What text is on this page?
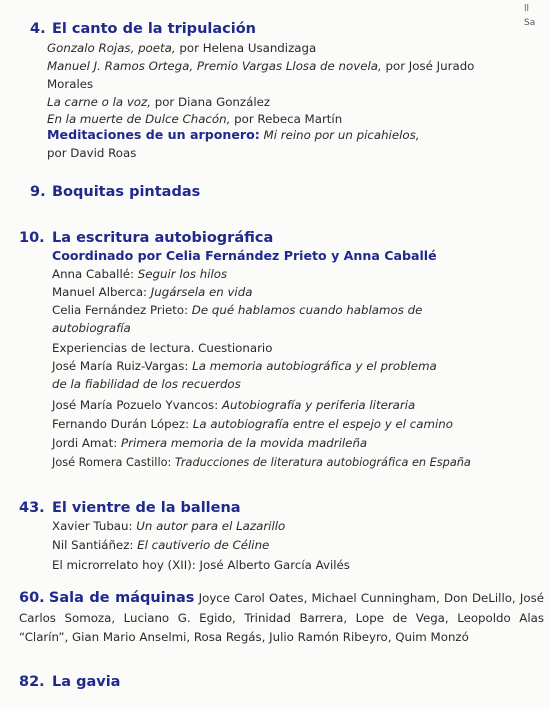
ll
Sa
4. El canto de la tripulación
Gonzalo Rojas, poeta, por Helena Usandizaga
Manuel J. Ramos Ortega, Premio Vargas Llosa de novela, por José Jurado
Morales
La carne o la voz, por Diana González
En la muerte de Dulce Chacón, por Rebeca Martín
Meditaciones de un arponero: Mi reino por un picahielos,
por David Roas
9. Boquitas pintadas
10. La escritura autobiográfica
Coordinado por Celia Fernández Prieto y Anna Caballé
Anna Caballé: Seguir los hilos
Manuel Alberca: Jugársela en vida
Celia Fernández Prieto: De qué hablamos cuando hablamos de
autobiografía
Experiencias de lectura. Cuestionario
José María Ruiz-Vargas: La memoria autobiográfica y el problema
de la fiabilidad de los recuerdos
José María Pozuelo Yvancos: Autobiografía y periferia literaria
Fernando Durán López: La autobiografía entre el espejo y el camino
Jordi Amat: Primera memoria de la movida madrileña
José Romera Castillo: Traducciones de literatura autobiográfica en España
43. El vientre de la ballena
Xavier Tubau: Un autor para el Lazarillo
Nil Santiáñez: El cautiverio de Céline
El microrrelato hoy (XII): José Alberto García Avilés
60. Sala de máquinas Joyce Carol Oates, Michael Cunningham, Don DeLillo, José Carlos Somoza, Luciano G. Egido, Trinidad Barrera, Lope de Vega, Leopoldo Alas “Clarín”, Gian Mario Anselmi, Rosa Regás, Julio Ramón Ribeyro, Quim Monzó
82. La gavia
